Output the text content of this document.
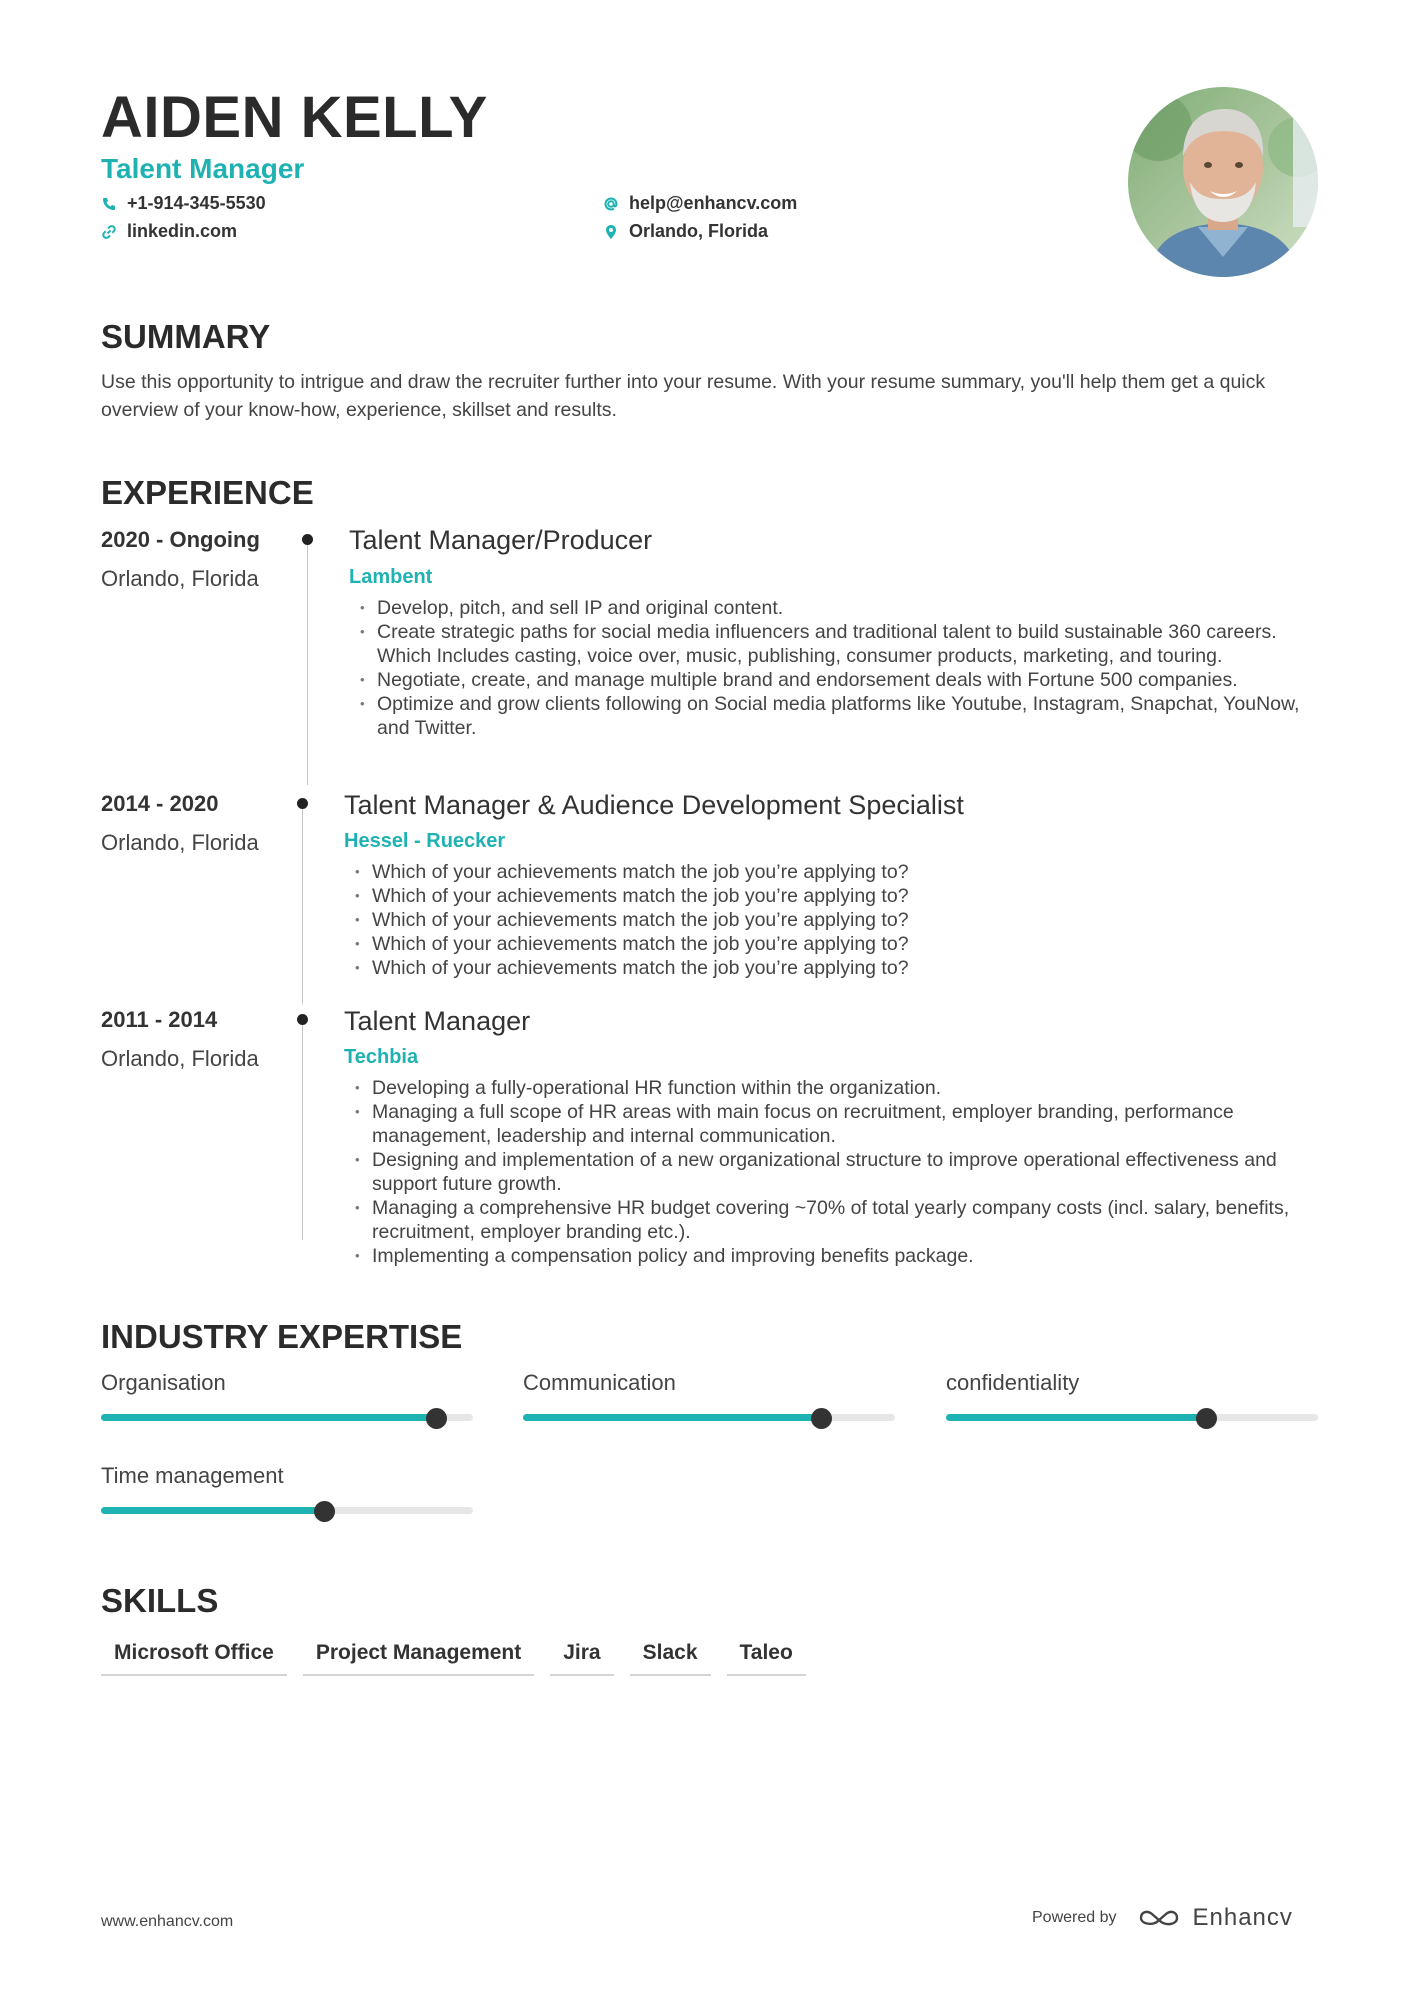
AIDEN KELLY
Talent Manager
+1-914-345-5530
linkedin.com
help@enhancv.com
Orlando, Florida
SUMMARY

Use this opportunity to intrigue and draw the recruiter further into your resume. With your resume summary, you'll help them get a quick overview of your know-how, experience, skillset and results.

EXPERIENCE
2020 - Ongoing
Orlando, Florida
Talent Manager/Producer
Lambent
• Develop, pitch, and sell IP and original content.
• Create strategic paths for social media influencers and traditional talent to build sustainable 360 careers. Which Includes casting, voice over, music, publishing, consumer products, marketing, and touring.
• Negotiate, create, and manage multiple brand and endorsement deals with Fortune 500 companies.
• Optimize and grow clients following on Social media platforms like Youtube, Instagram, Snapchat, YouNow, and Twitter.
2014 - 2020
Orlando, Florida
Talent Manager & Audience Development Specialist
Hessel - Ruecker
• Which of your achievements match the job you’re applying to?
• Which of your achievements match the job you’re applying to?
• Which of your achievements match the job you’re applying to?
• Which of your achievements match the job you’re applying to?
• Which of your achievements match the job you’re applying to?
2011 - 2014
Orlando, Florida
Talent Manager
Techbia
• Developing a fully-operational HR function within the organization.
• Managing a full scope of HR areas with main focus on recruitment, employer branding, performance management, leadership and internal communication.
• Designing and implementation of a new organizational structure to improve operational effectiveness and support future growth.
• Managing a comprehensive HR budget covering ~70% of total yearly company costs (incl. salary, benefits, recruitment, employer branding etc.).
• Implementing a compensation policy and improving benefits package.
INDUSTRY EXPERTISE
Organisation	Communication	confidentiality
Time management
SKILLS
Microsoft Office	Project Management	Jira	Slack	Taleo
www.enhancv.com	Powered by	Enhancv
